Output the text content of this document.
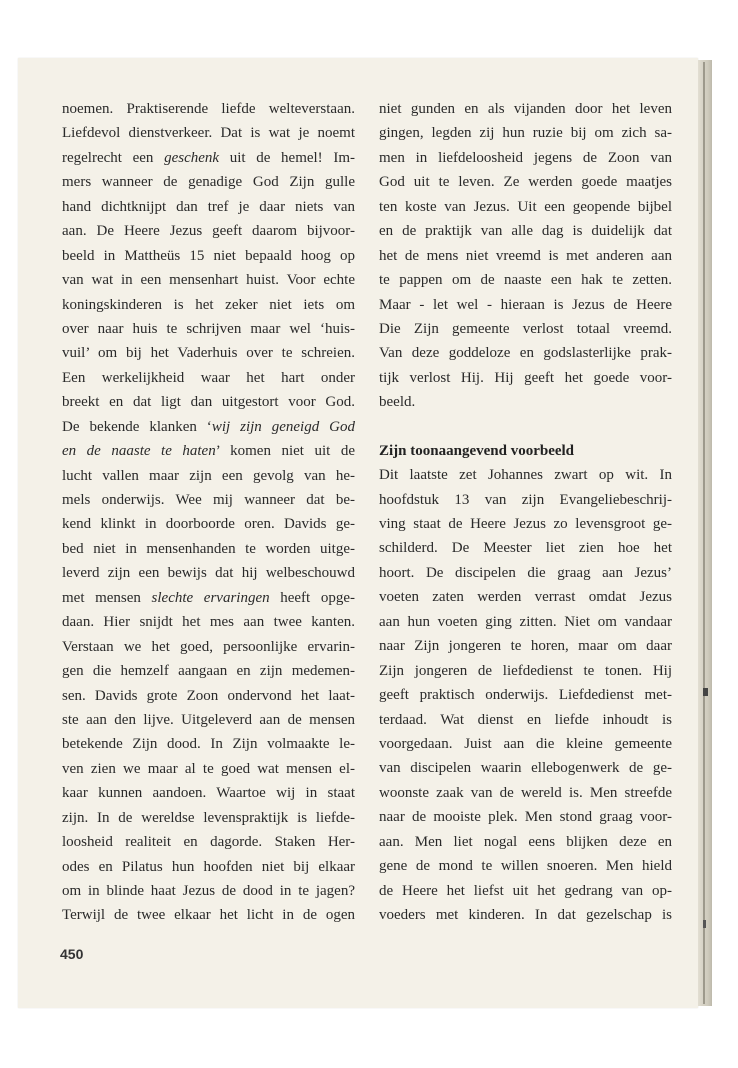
noemen. Praktiserende liefde welteverstaan.
Liefdevol dienstverkeer. Dat is wat je noemt
regelrecht een geschenk uit de hemel! Im-
mers wanneer de genadige God Zijn gulle
hand dichtknijpt dan tref je daar niets van
aan. De Heere Jezus geeft daarom bijvoor-
beeld in Mattheüs 15 niet bepaald hoog op
van wat in een mensenhart huist. Voor echte
koningskinderen is het zeker niet iets om
over naar huis te schrijven maar wel ‘huis-
vuil’ om bij het Vaderhuis over te schreien.
Een werkelijkheid waar het hart onder
breekt en dat ligt dan uitgestort voor God.
De bekende klanken ‘wij zijn geneigd God
en de naaste te haten’ komen niet uit de
lucht vallen maar zijn een gevolg van he-
mels onderwijs. Wee mij wanneer dat be-
kend klinkt in doorboorde oren. Davids ge-
bed niet in mensenhanden te worden uitge-
leverd zijn een bewijs dat hij welbeschouwd
met mensen slechte ervaringen heeft opge-
daan. Hier snijdt het mes aan twee kanten.
Verstaan we het goed, persoonlijke ervarin-
gen die hemzelf aangaan en zijn medemen-
sen. Davids grote Zoon ondervond het laat-
ste aan den lijve. Uitgeleverd aan de mensen
betekende Zijn dood. In Zijn volmaakte le-
ven zien we maar al te goed wat mensen el-
kaar kunnen aandoen. Waartoe wij in staat
zijn. In de wereldse levenspraktijk is liefde-
loosheid realiteit en dagorde. Staken Her-
odes en Pilatus hun hoofden niet bij elkaar
om in blinde haat Jezus de dood in te jagen?
Terwijl de twee elkaar het licht in de ogen
niet gunden en als vijanden door het leven
gingen, legden zij hun ruzie bij om zich sa-
men in liefdeloosheid jegens de Zoon van
God uit te leven. Ze werden goede maatjes
ten koste van Jezus. Uit een geopende bijbel
en de praktijk van alle dag is duidelijk dat
het de mens niet vreemd is met anderen aan
te pappen om de naaste een hak te zetten.
Maar - let wel - hieraan is Jezus de Heere
Die Zijn gemeente verlost totaal vreemd.
Van deze goddeloze en godslasterlijke prak-
tijk verlost Hij. Hij geeft het goede voor-
beeld.
Zijn toonaangevend voorbeeld
Dit laatste zet Johannes zwart op wit. In
hoofdstuk 13 van zijn Evangeliebeschrij-
ving staat de Heere Jezus zo levensgroot ge-
schilderd. De Meester liet zien hoe het
hoort. De discipelen die graag aan Jezus’
voeten zaten werden verrast omdat Jezus
aan hun voeten ging zitten. Niet om vandaar
naar Zijn jongeren te horen, maar om daar
Zijn jongeren de liefdedienst te tonen. Hij
geeft praktisch onderwijs. Liefdedienst met-
terdaad. Wat dienst en liefde inhoudt is
voorgedaan. Juist aan die kleine gemeente
van discipelen waarin ellebogenwerk de ge-
woonste zaak van de wereld is. Men streefde
naar de mooiste plek. Men stond graag voor-
aan. Men liet nogal eens blijken deze en
gene de mond te willen snoeren. Men hield
de Heere het liefst uit het gedrang van op-
voeders met kinderen. In dat gezelschap is
450
